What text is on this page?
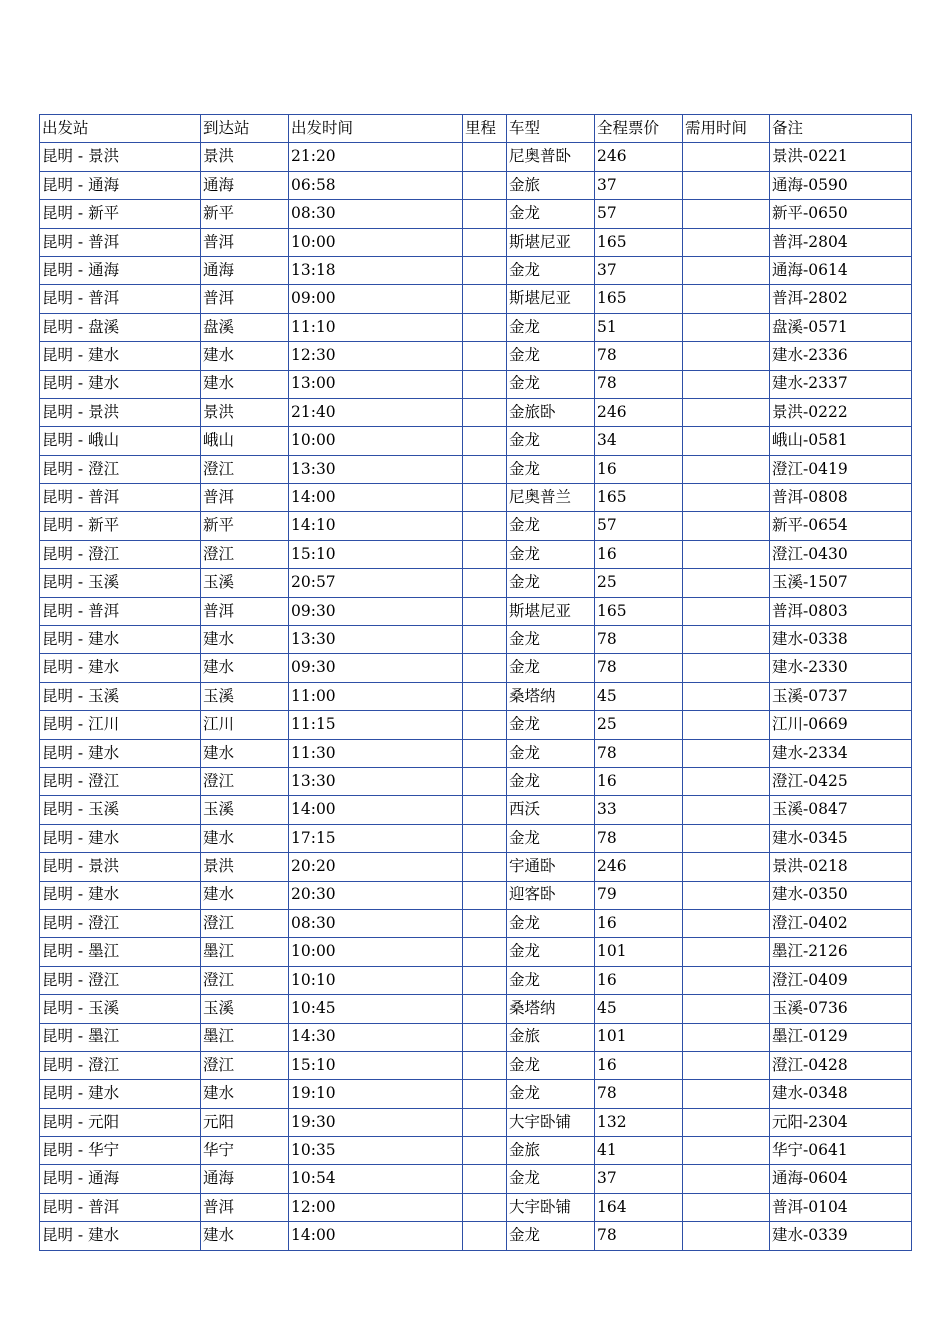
出发站	到达站	出发时间	里程	车型	全程票价	需用时间	备注
昆明 - 景洪	景洪	21:20		尼奥普卧	246		景洪-0221
昆明 - 通海	通海	06:58		金旅	37		通海-0590
昆明 - 新平	新平	08:30		金龙	57		新平-0650
昆明 - 普洱	普洱	10:00		斯堪尼亚	165		普洱-2804
昆明 - 通海	通海	13:18		金龙	37		通海-0614
昆明 - 普洱	普洱	09:00		斯堪尼亚	165		普洱-2802
昆明 - 盘溪	盘溪	11:10		金龙	51		盘溪-0571
昆明 - 建水	建水	12:30		金龙	78		建水-2336
昆明 - 建水	建水	13:00		金龙	78		建水-2337
昆明 - 景洪	景洪	21:40		金旅卧	246		景洪-0222
昆明 - 峨山	峨山	10:00		金龙	34		峨山-0581
昆明 - 澄江	澄江	13:30		金龙	16		澄江-0419
昆明 - 普洱	普洱	14:00		尼奥普兰	165		普洱-0808
昆明 - 新平	新平	14:10		金龙	57		新平-0654
昆明 - 澄江	澄江	15:10		金龙	16		澄江-0430
昆明 - 玉溪	玉溪	20:57		金龙	25		玉溪-1507
昆明 - 普洱	普洱	09:30		斯堪尼亚	165		普洱-0803
昆明 - 建水	建水	13:30		金龙	78		建水-0338
昆明 - 建水	建水	09:30		金龙	78		建水-2330
昆明 - 玉溪	玉溪	11:00		桑塔纳	45		玉溪-0737
昆明 - 江川	江川	11:15		金龙	25		江川-0669
昆明 - 建水	建水	11:30		金龙	78		建水-2334
昆明 - 澄江	澄江	13:30		金龙	16		澄江-0425
昆明 - 玉溪	玉溪	14:00		西沃	33		玉溪-0847
昆明 - 建水	建水	17:15		金龙	78		建水-0345
昆明 - 景洪	景洪	20:20		宇通卧	246		景洪-0218
昆明 - 建水	建水	20:30		迎客卧	79		建水-0350
昆明 - 澄江	澄江	08:30		金龙	16		澄江-0402
昆明 - 墨江	墨江	10:00		金龙	101		墨江-2126
昆明 - 澄江	澄江	10:10		金龙	16		澄江-0409
昆明 - 玉溪	玉溪	10:45		桑塔纳	45		玉溪-0736
昆明 - 墨江	墨江	14:30		金旅	101		墨江-0129
昆明 - 澄江	澄江	15:10		金龙	16		澄江-0428
昆明 - 建水	建水	19:10		金龙	78		建水-0348
昆明 - 元阳	元阳	19:30		大宇卧铺	132		元阳-2304
昆明 - 华宁	华宁	10:35		金旅	41		华宁-0641
昆明 - 通海	通海	10:54		金龙	37		通海-0604
昆明 - 普洱	普洱	12:00		大宇卧铺	164		普洱-0104
昆明 - 建水	建水	14:00		金龙	78		建水-0339
